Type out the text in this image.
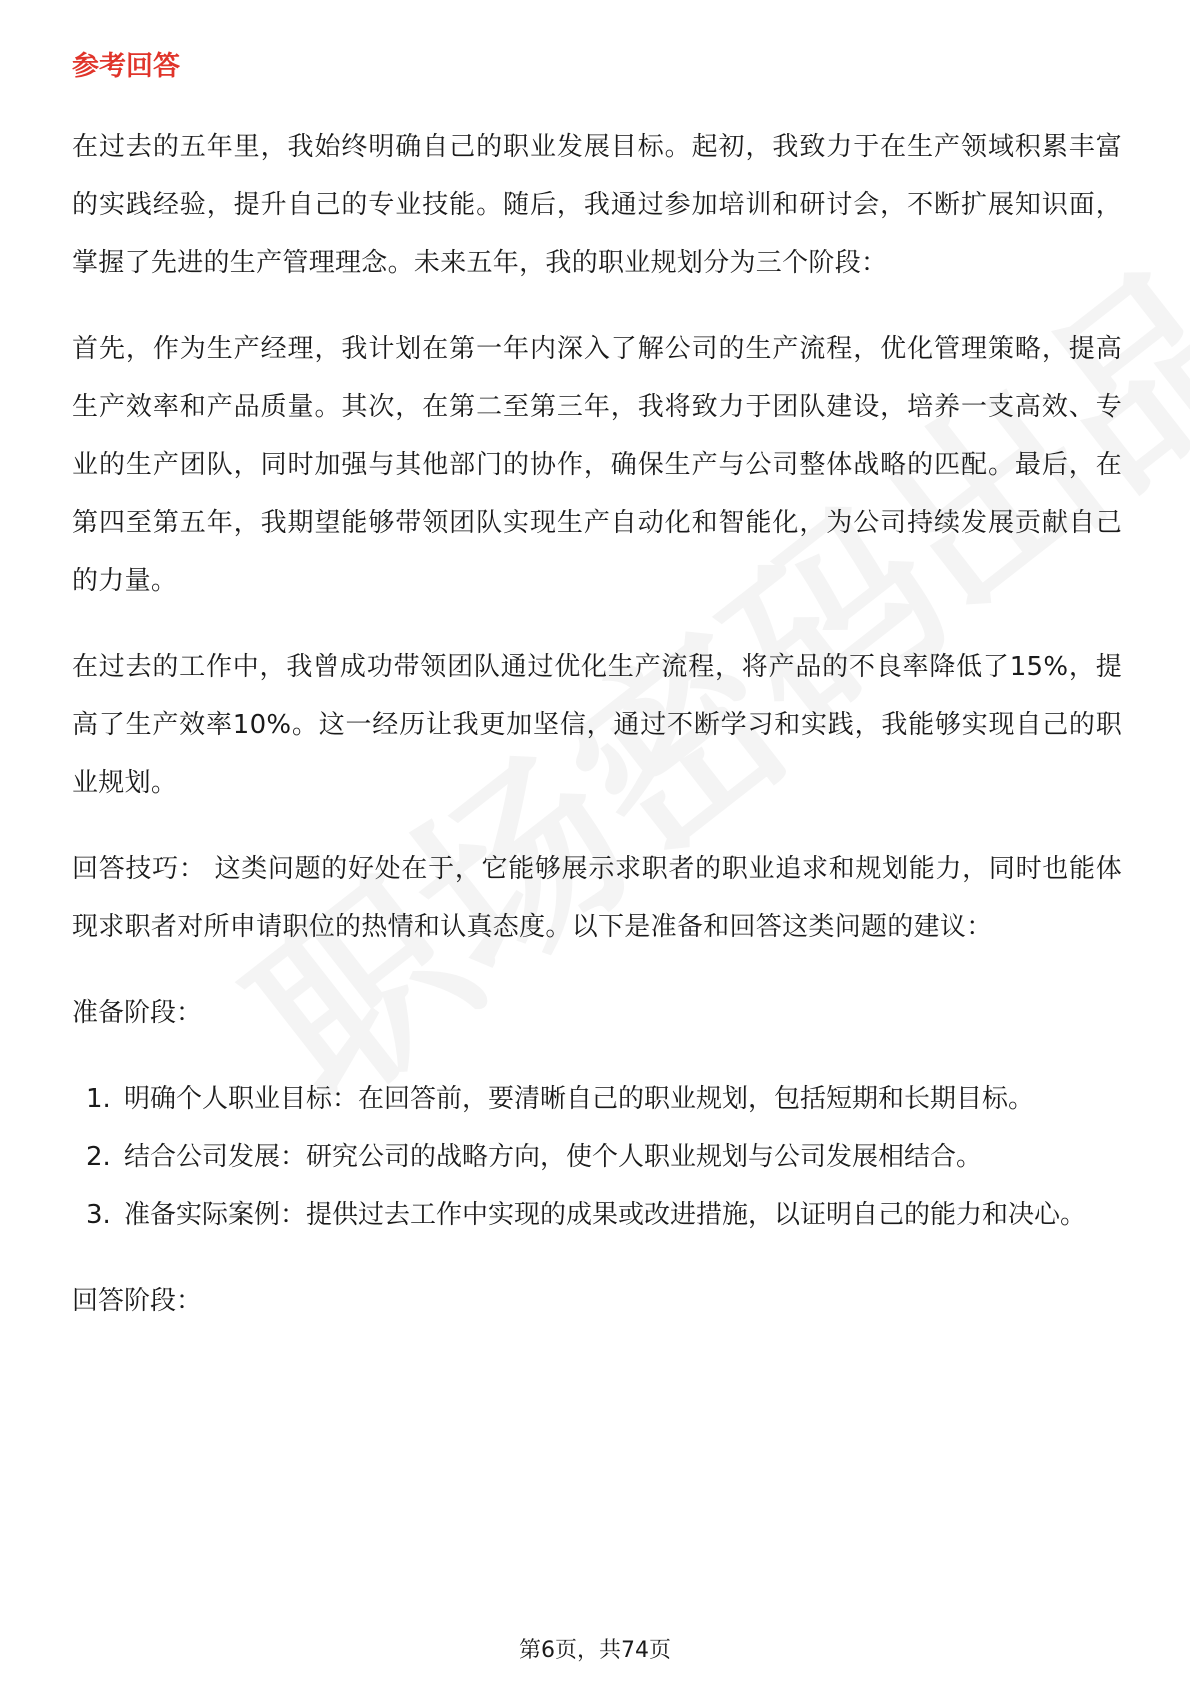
参考回答

在过去的五年里，我始终明确自己的职业发展目标。起初，我致力于在生产领域积累丰富的实践经验，提升自己的专业技能。随后，我通过参加培训和研讨会，不断扩展知识面，掌握了先进的生产管理理念。未来五年，我的职业规划分为三个阶段：

首先，作为生产经理，我计划在第一年内深入了解公司的生产流程，优化管理策略，提高生产效率和产品质量。其次，在第二至第三年，我将致力于团队建设，培养一支高效、专业的生产团队，同时加强与其他部门的协作，确保生产与公司整体战略的匹配。最后，在第四至第五年，我期望能够带领团队实现生产自动化和智能化，为公司持续发展贡献自己的力量。

在过去的工作中，我曾成功带领团队通过优化生产流程，将产品的不良率降低了15%，提高了生产效率10%。这一经历让我更加坚信，通过不断学习和实践，我能够实现自己的职业规划。

回答技巧： 这类问题的好处在于，它能够展示求职者的职业追求和规划能力，同时也能体现求职者对所申请职位的热情和认真态度。以下是准备和回答这类问题的建议：

准备阶段：
1. 明确个人职业目标：在回答前，要清晰自己的职业规划，包括短期和长期目标。
2. 结合公司发展：研究公司的战略方向，使个人职业规划与公司发展相结合。
3. 准备实际案例：提供过去工作中实现的成果或改进措施，以证明自己的能力和决心。
回答阶段：
第6页，共74页
